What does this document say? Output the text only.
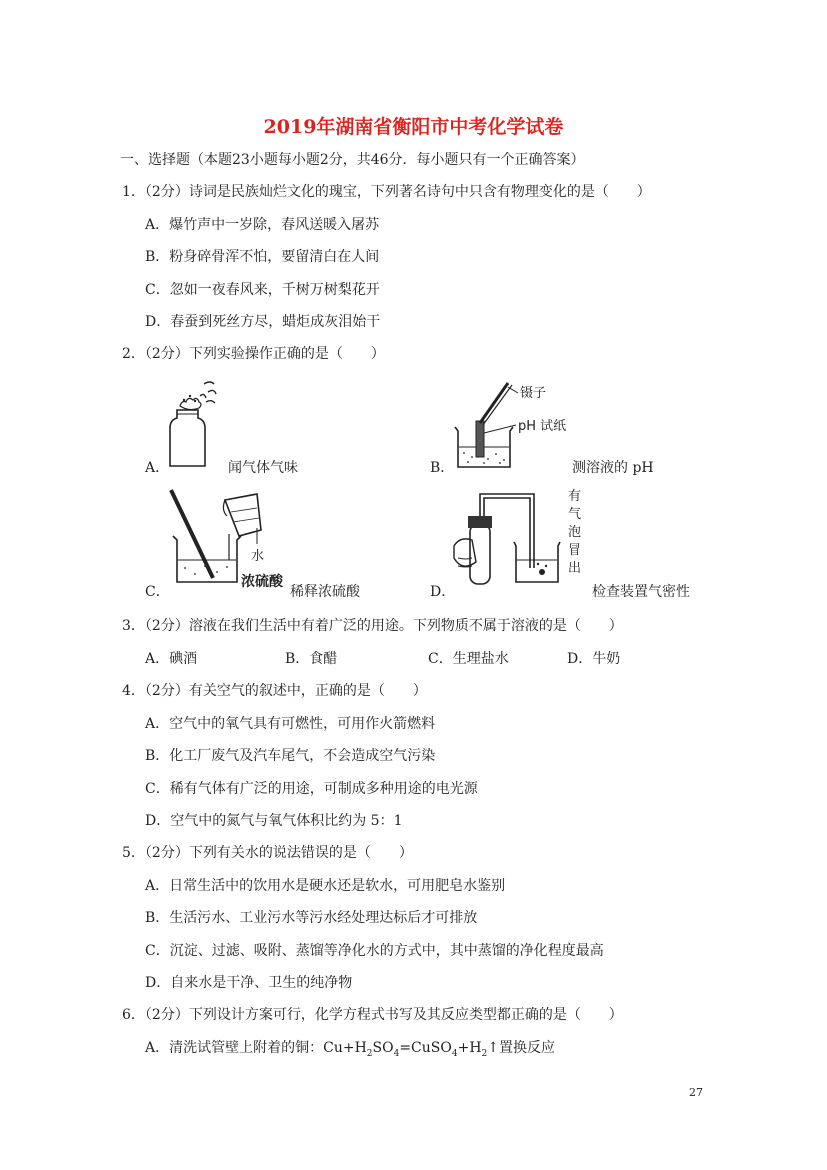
2019年湖南省衡阳市中考化学试卷
一、选择题（本题23小题每小题2分，共46分．每小题只有一个正确答案）
1．（2分）诗词是民族灿烂文化的瑰宝，下列著名诗句中只含有物理变化的是（　　）
A．爆竹声中一岁除，春风送暖入屠苏
B．粉身碎骨浑不怕，要留清白在人间
C．忽如一夜春风来，千树万树梨花开
D．春蚕到死丝方尽，蜡炬成灰泪始干
2．（2分）下列实验操作正确的是（　　）
A．	闻气体气味	B．
镊子
pH 试纸
测溶液的 pH
C．
水
浓硫酸
稀释浓硫酸	D．
有
气
泡
冒
出
检查装置气密性
3．（2分）溶液在我们生活中有着广泛的用途。下列物质不属于溶液的是（　　）
A．碘酒	B．食醋	C．生理盐水	D．牛奶
4．（2分）有关空气的叙述中，正确的是（　　）
A．空气中的氧气具有可燃性，可用作火箭燃料
B．化工厂废气及汽车尾气，不会造成空气污染
C．稀有气体有广泛的用途，可制成多种用途的电光源
D．空气中的氮气与氧气体积比约为 5：1
5．（2分）下列有关水的说法错误的是（　　）
A．日常生活中的饮用水是硬水还是软水，可用肥皂水鉴别
B．生活污水、工业污水等污水经处理达标后才可排放
C．沉淀、过滤、吸附、蒸馏等净化水的方式中，其中蒸馏的净化程度最高
D．自来水是干净、卫生的纯净物
6．（2分）下列设计方案可行，化学方程式书写及其反应类型都正确的是（　　）
A．清洗试管壁上附着的铜：$Cu+H_2SO_4=CuSO_4+H_2↑$置换反应
27
